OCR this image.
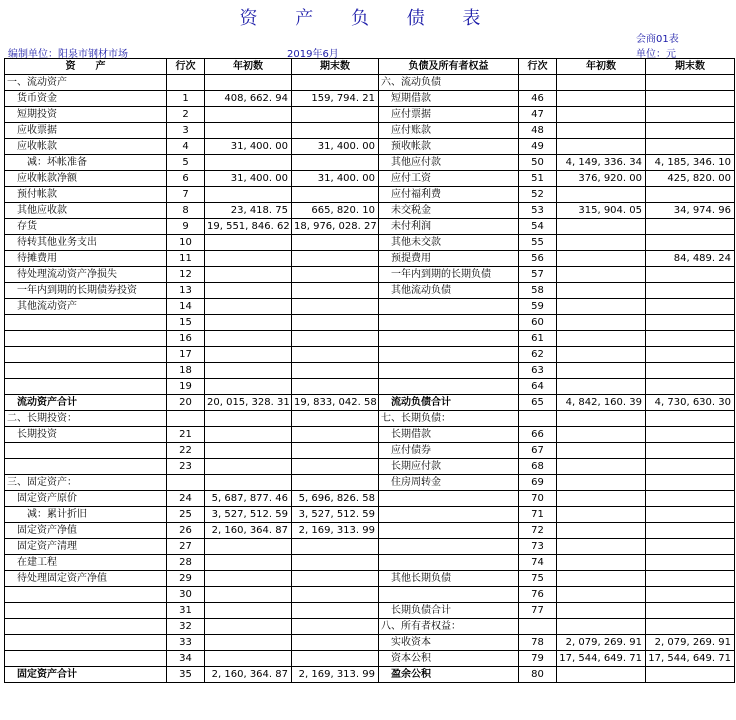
资 产 负 债 表
会商01表
编制单位：阳泉市钢材市场	2019年6月	单位：元
资　　产	行次	年初数	期末数	负债及所有者权益	行次	年初数	期末数
一、流动资产				六、流动负债			
　货币资金	1	408, 662. 94	159, 794. 21	　短期借款	46		
　短期投资	2			　应付票据	47		
　应收票据	3			　应付账款	48		
　应收帐款	4	31, 400. 00	31, 400. 00	　预收帐款	49		
　　减：坏帐准备	5			　其他应付款	50	4, 149, 336. 34	4, 185, 346. 10
　应收帐款净额	6	31, 400. 00	31, 400. 00	　应付工资	51	376, 920. 00	425, 820. 00
　预付帐款	7			　应付福利费	52		
　其他应收款	8	23, 418. 75	665, 820. 10	　未交税金	53	315, 904. 05	34, 974. 96
　存货	9	19, 551, 846. 62	18, 976, 028. 27	　未付利润	54		
　待转其他业务支出	10			　其他未交款	55		
　待摊费用	11			　预提费用	56		84, 489. 24
　待处理流动资产净损失	12			　一年内到期的长期负债	57		
　一年内到期的长期债券投资	13			　其他流动负债	58		
　其他流动资产	14				59		
	15				60		
	16				61		
	17				62		
	18				63		
	19				64		
　流动资产合计	20	20, 015, 328. 31	19, 833, 042. 58	　流动负债合计	65	4, 842, 160. 39	4, 730, 630. 30
二、长期投资：				七、长期负债：			
　长期投资	21			　长期借款	66		
	22			　应付债券	67		
	23			　长期应付款	68		
三、固定资产：				　住房周转金	69		
　固定资产原价	24	5, 687, 877. 46	5, 696, 826. 58		70		
　　减：累计折旧	25	3, 527, 512. 59	3, 527, 512. 59		71		
　固定资产净值	26	2, 160, 364. 87	2, 169, 313. 99		72		
　固定资产清理	27				73		
　在建工程	28				74		
　待处理固定资产净值	29			　其他长期负债	75		
	30				76		
	31			　长期负债合计	77		
	32			八、所有者权益：			
	33			　实收资本	78	2, 079, 269. 91	2, 079, 269. 91
	34			　资本公积	79	17, 544, 649. 71	17, 544, 649. 71
　固定资产合计	35	2, 160, 364. 87	2, 169, 313. 99	　盈余公积	80		
